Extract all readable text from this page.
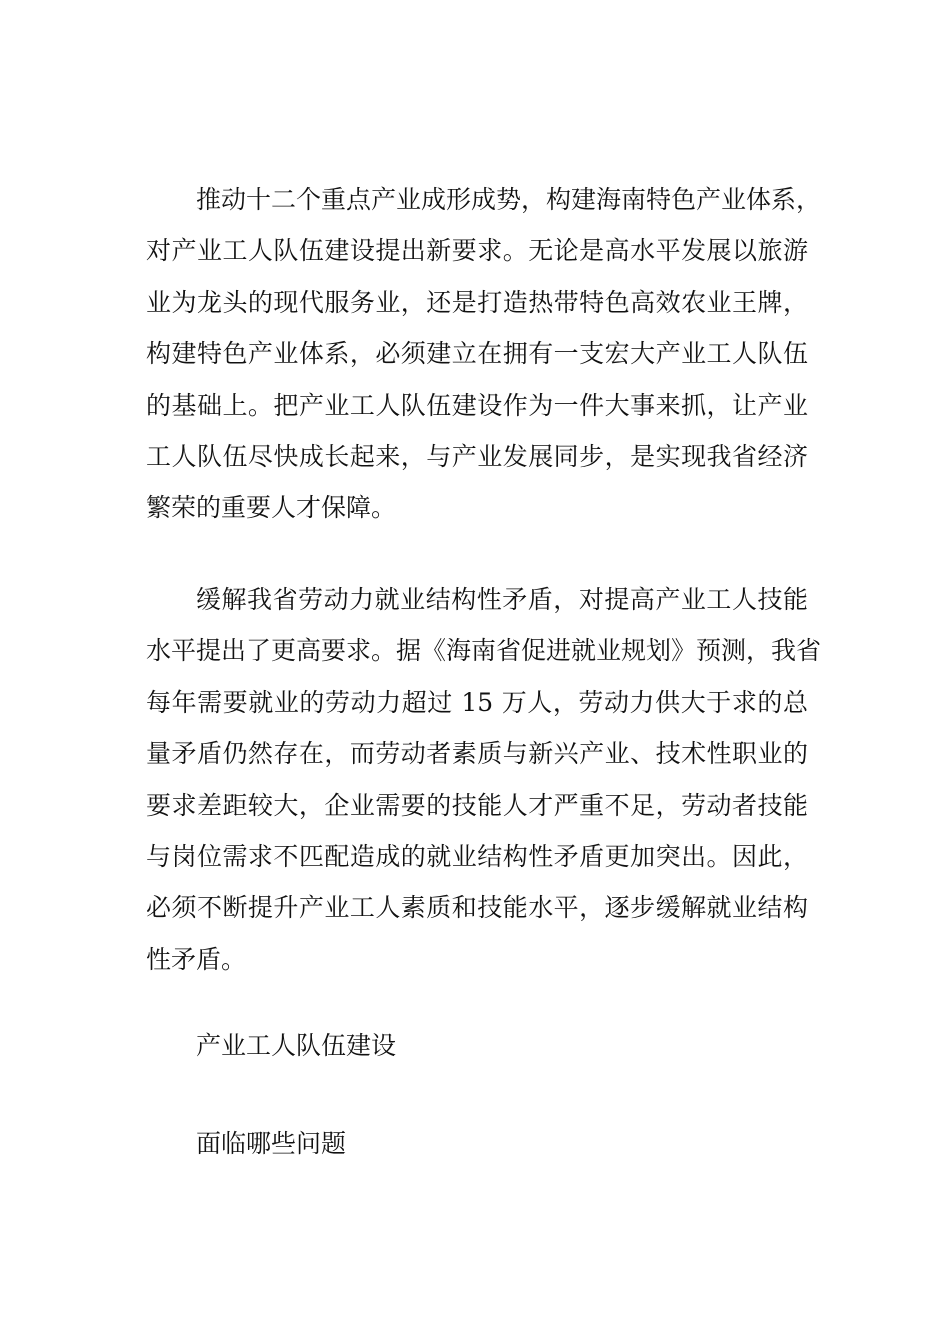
推动十二个重点产业成形成势，构建海南特色产业体系，
对产业工人队伍建设提出新要求。无论是高水平发展以旅游
业为龙头的现代服务业，还是打造热带特色高效农业王牌，
构建特色产业体系，必须建立在拥有一支宏大产业工人队伍
的基础上。把产业工人队伍建设作为一件大事来抓，让产业
工人队伍尽快成长起来，与产业发展同步，是实现我省经济
繁荣的重要人才保障。
缓解我省劳动力就业结构性矛盾，对提高产业工人技能
水平提出了更高要求。据《海南省促进就业规划》预测，我省
每年需要就业的劳动力超过 15 万人，劳动力供大于求的总
量矛盾仍然存在，而劳动者素质与新兴产业、技术性职业的
要求差距较大，企业需要的技能人才严重不足，劳动者技能
与岗位需求不匹配造成的就业结构性矛盾更加突出。因此，
必须不断提升产业工人素质和技能水平，逐步缓解就业结构
性矛盾。

产业工人队伍建设

面临哪些问题
